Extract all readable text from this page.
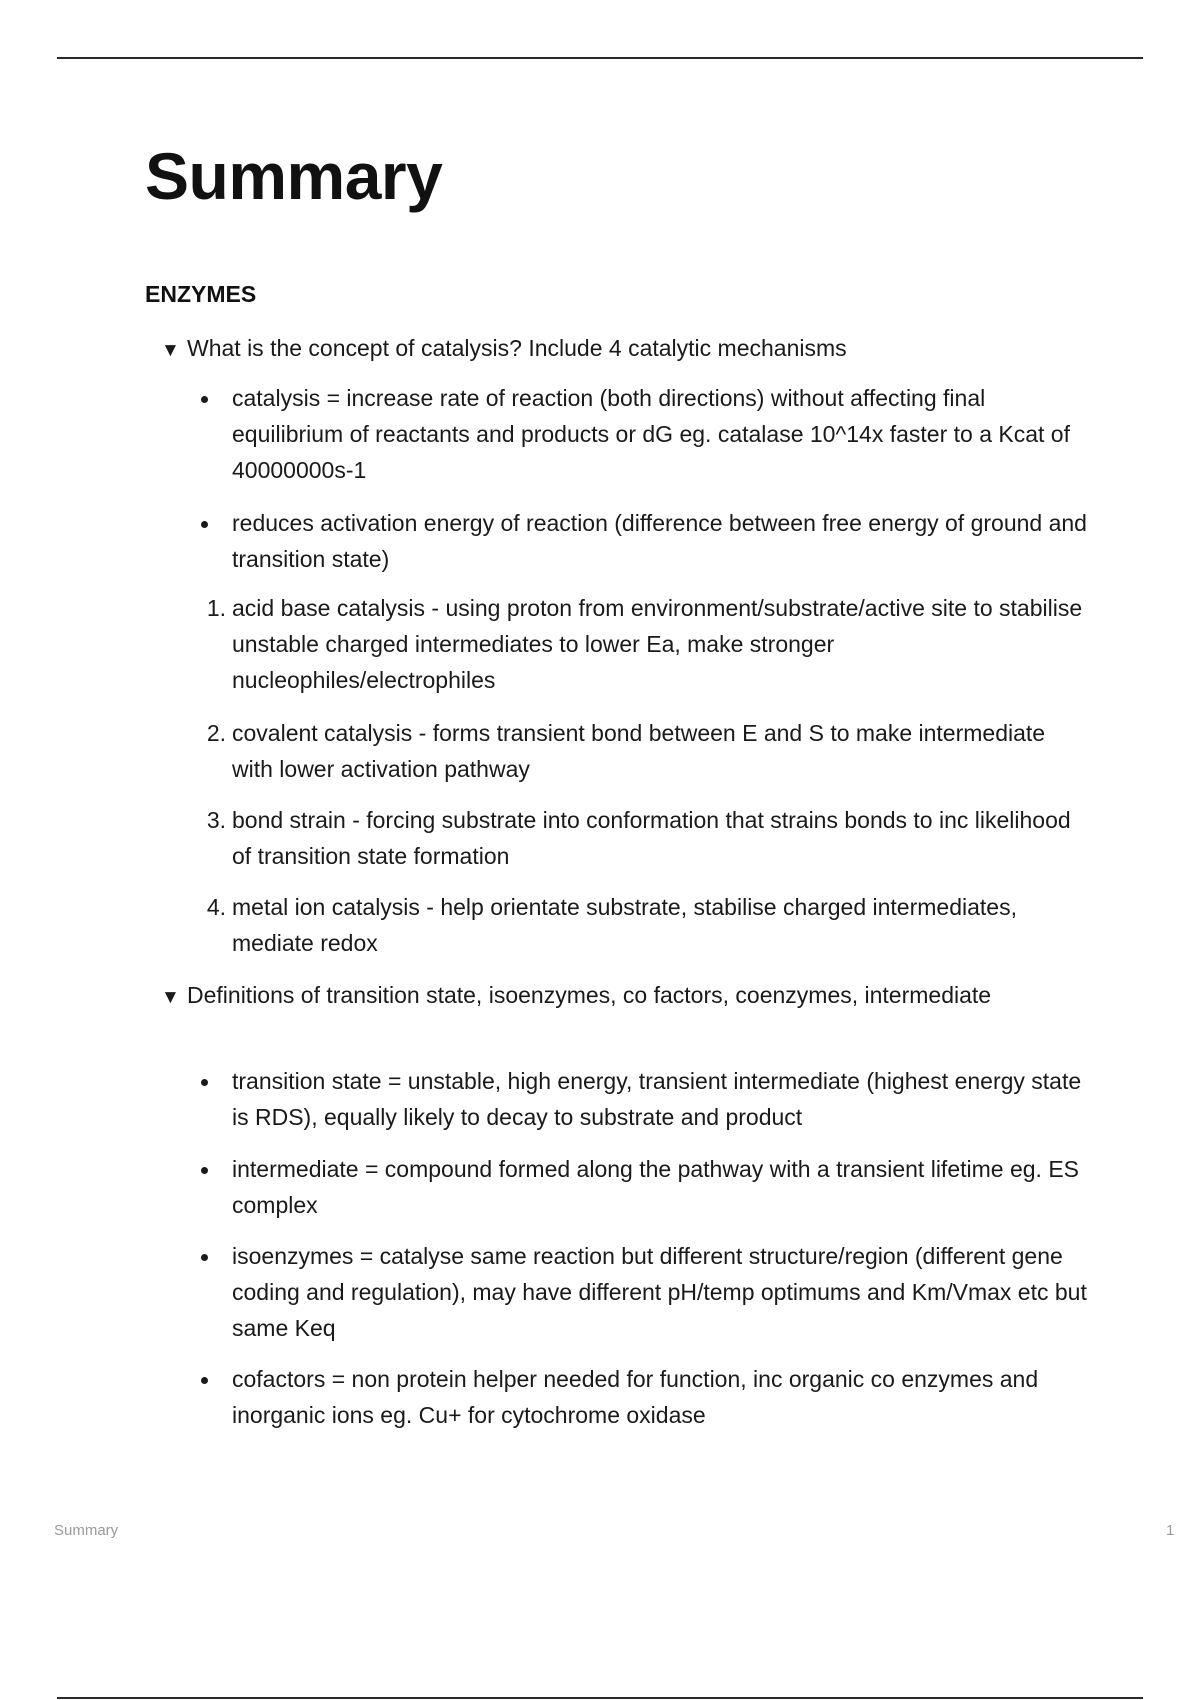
Summary
ENZYMES
▼ What is the concept of catalysis? Include 4 catalytic mechanisms
catalysis = increase rate of reaction (both directions) without affecting final equilibrium of reactants and products or dG eg. catalase 10^14x faster to a Kcat of 40000000s-1
reduces activation energy of reaction (difference between free energy of ground and transition state)
1. acid base catalysis - using proton from environment/substrate/active site to stabilise unstable charged intermediates to lower Ea, make stronger nucleophiles/electrophiles
2. covalent catalysis - forms transient bond between E and S to make intermediate with lower activation pathway
3. bond strain - forcing substrate into conformation that strains bonds to inc likelihood of transition state formation
4. metal ion catalysis - help orientate substrate, stabilise charged intermediates, mediate redox
▼ Definitions of transition state, isoenzymes, co factors, coenzymes, intermediate
transition state = unstable, high energy, transient intermediate (highest energy state is RDS), equally likely to decay to substrate and product
intermediate = compound formed along the pathway with a transient lifetime eg. ES complex
isoenzymes = catalyse same reaction but different structure/region (different gene coding and regulation), may have different pH/temp optimums and Km/Vmax etc but same Keq
cofactors = non protein helper needed for function, inc organic co enzymes and inorganic ions eg. Cu+ for cytochrome oxidase
Summary	1
